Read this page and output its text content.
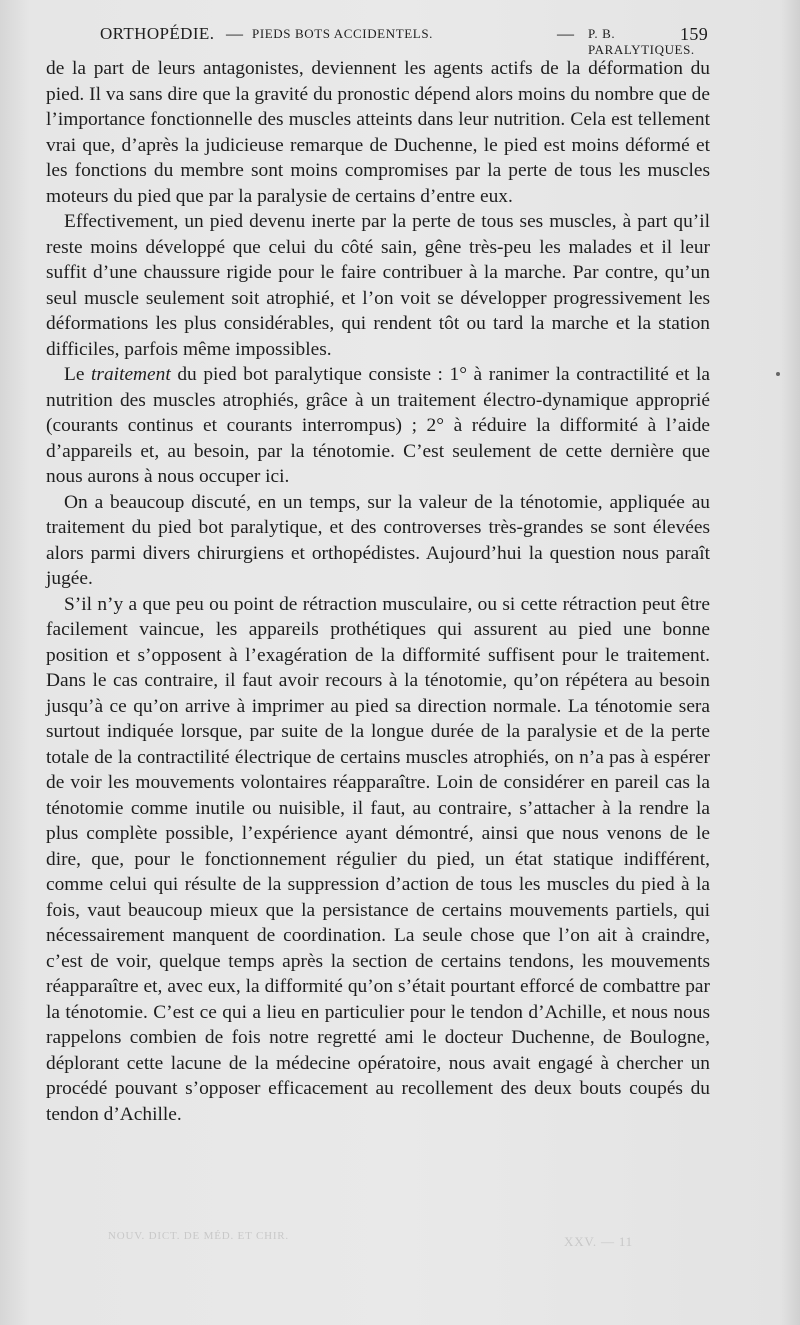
ORTHOPÉDIE. — PIEDS BOTS ACCIDENTELS.	— P. B. PARALYTIQUES.
159

de la part de leurs antagonistes, deviennent les agents actifs de la déformation du pied. Il va sans dire que la gravité du pronostic dépend alors moins du nombre que de l’importance fonctionnelle des muscles atteints dans leur nutrition. Cela est tellement vrai que, d’après la judicieuse remarque de Duchenne, le pied est moins déformé et les fonctions du membre sont moins compromises par la perte de tous les muscles moteurs du pied que par la paralysie de certains d’entre eux.

Effectivement, un pied devenu inerte par la perte de tous ses muscles, à part qu’il reste moins développé que celui du côté sain, gêne très-peu les malades et il leur suffit d’une chaussure rigide pour le faire contribuer à la marche. Par contre, qu’un seul muscle seulement soit atrophié, et l’on voit se développer progressivement les déformations les plus considérables, qui rendent tôt ou tard la marche et la station difficiles, parfois même impossibles.

Le traitement du pied bot paralytique consiste : 1° à ranimer la contractilité et la nutrition des muscles atrophiés, grâce à un traitement électro-dynamique approprié (courants continus et courants interrompus) ; 2° à réduire la difformité à l’aide d’appareils et, au besoin, par la ténotomie. C’est seulement de cette dernière que nous aurons à nous occuper ici.

On a beaucoup discuté, en un temps, sur la valeur de la ténotomie, appliquée au traitement du pied bot paralytique, et des controverses très-grandes se sont élevées alors parmi divers chirurgiens et orthopédistes. Aujourd’hui la question nous paraît jugée.

S’il n’y a que peu ou point de rétraction musculaire, ou si cette rétraction peut être facilement vaincue, les appareils prothétiques qui assurent au pied une bonne position et s’opposent à l’exagération de la difformité suffisent pour le traitement. Dans le cas contraire, il faut avoir recours à la ténotomie, qu’on répétera au besoin jusqu’à ce qu’on arrive à imprimer au pied sa direction normale. La ténotomie sera surtout indiquée lorsque, par suite de la longue durée de la paralysie et de la perte totale de la contractilité électrique de certains muscles atrophiés, on n’a pas à espérer de voir les mouvements volontaires réapparaître. Loin de considérer en pareil cas la ténotomie comme inutile ou nuisible, il faut, au contraire, s’attacher à la rendre la plus complète possible, l’expérience ayant démontré, ainsi que nous venons de le dire, que, pour le fonctionnement régulier du pied, un état statique indifférent, comme celui qui résulte de la suppression d’action de tous les muscles du pied à la fois, vaut beaucoup mieux que la persistance de certains mouvements partiels, qui nécessairement manquent de coordination. La seule chose que l’on ait à craindre, c’est de voir, quelque temps après la section de certains tendons, les mouvements réapparaître et, avec eux, la difformité qu’on s’était pourtant efforcé de combattre par la ténotomie. C’est ce qui a lieu en particulier pour le tendon d’Achille, et nous nous rappelons combien de fois notre regretté ami le docteur Duchenne, de Boulogne, déplorant cette lacune de la médecine opératoire, nous avait engagé à chercher un procédé pouvant s’opposer efficacement au recollement des deux bouts coupés du tendon d’Achille.

NOUV. DICT. DE MÉD. ET CHIR.	XXV. — 11
